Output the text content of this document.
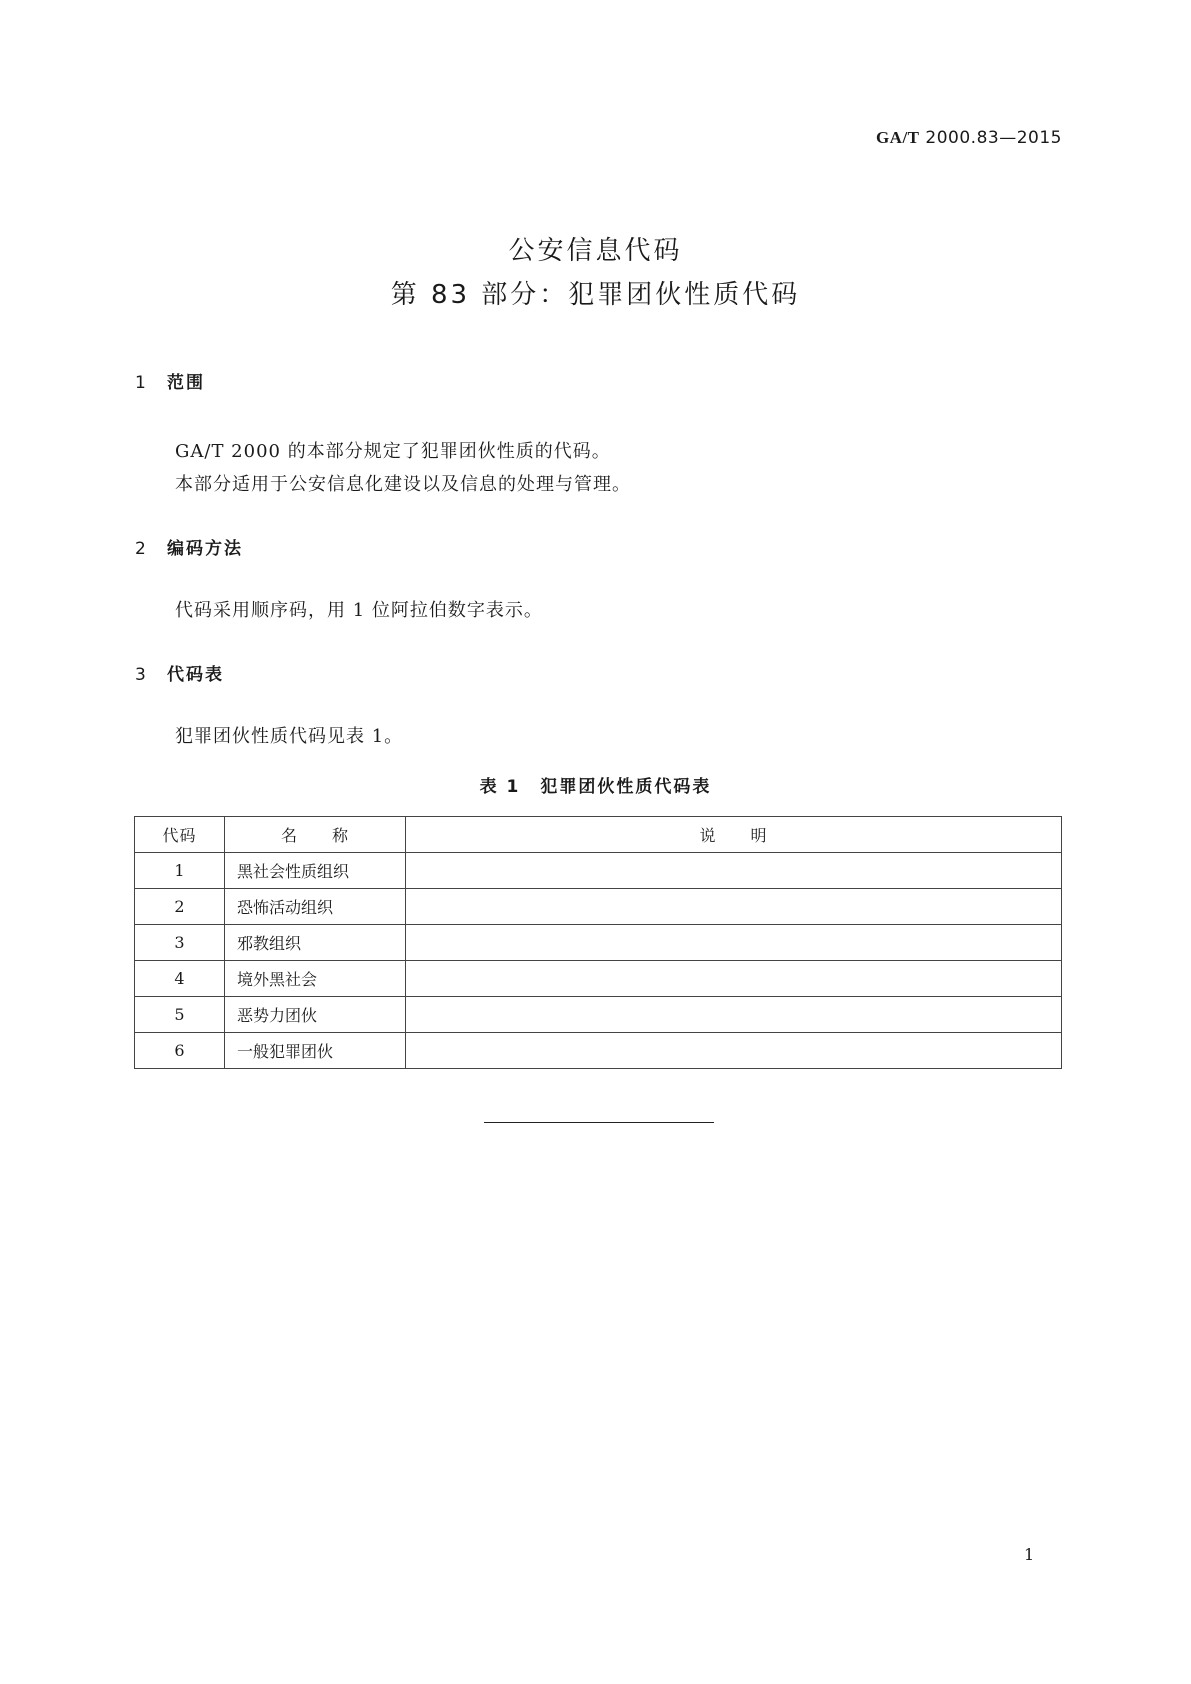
GA/T 2000.83—2015
公安信息代码
第 83 部分：犯罪团伙性质代码
1 范围
GA/T 2000 的本部分规定了犯罪团伙性质的代码。
本部分适用于公安信息化建设以及信息的处理与管理。
2 编码方法
代码采用顺序码，用 1 位阿拉伯数字表示。
3 代码表
犯罪团伙性质代码见表 1。
表 1 犯罪团伙性质代码表
代码	名　　称	说　　明
1	黑社会性质组织	
2	恐怖活动组织	
3	邪教组织	
4	境外黑社会	
5	恶势力团伙	
6	一般犯罪团伙	
1
